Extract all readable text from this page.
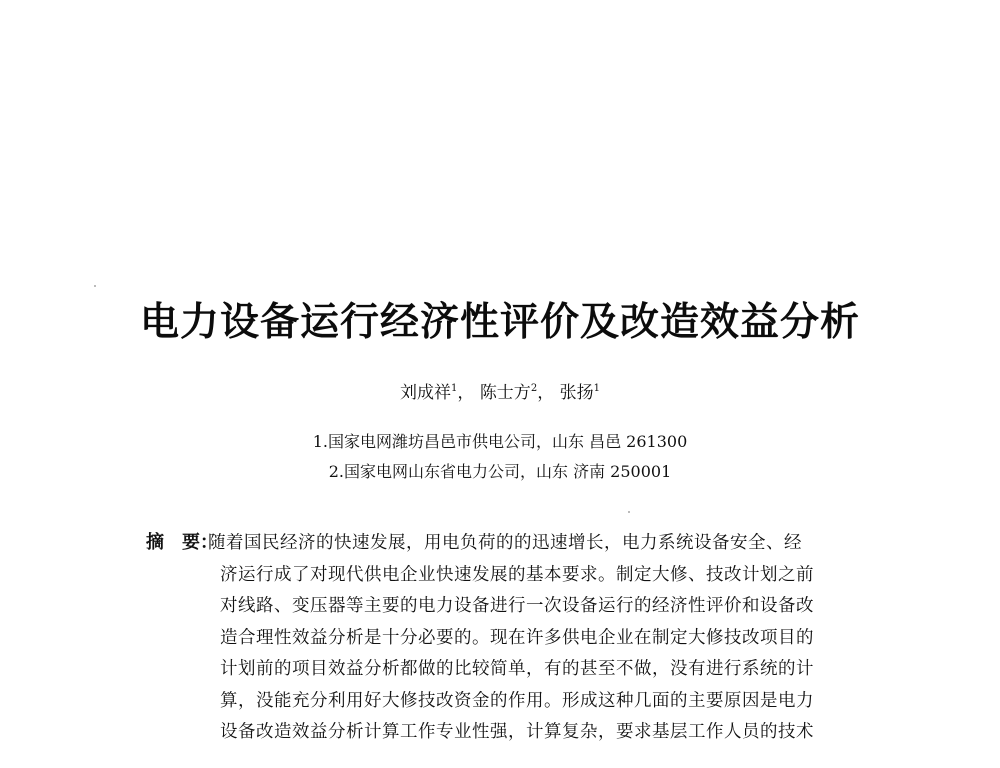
电力设备运行经济性评价及改造效益分析
刘成祥$^1$， 陈士方$^2$， 张扬$^1$
1.国家电网潍坊昌邑市供电公司，山东 昌邑 261300
2.国家电网山东省电力公司，山东 济南 250001
摘 要：
随着国民经济的快速发展，用电负荷的的迅速增长，电力系统设备安全、经
济运行成了对现代供电企业快速发展的基本要求。制定大修、技改计划之前
对线路、变压器等主要的电力设备进行一次设备运行的经济性评价和设备改
造合理性效益分析是十分必要的。现在许多供电企业在制定大修技改项目的
计划前的项目效益分析都做的比较简单，有的甚至不做，没有进行系统的计
算，没能充分利用好大修技改资金的作用。形成这种几面的主要原因是电力
设备改造效益分析计算工作专业性强，计算复杂，要求基层工作人员的技术
